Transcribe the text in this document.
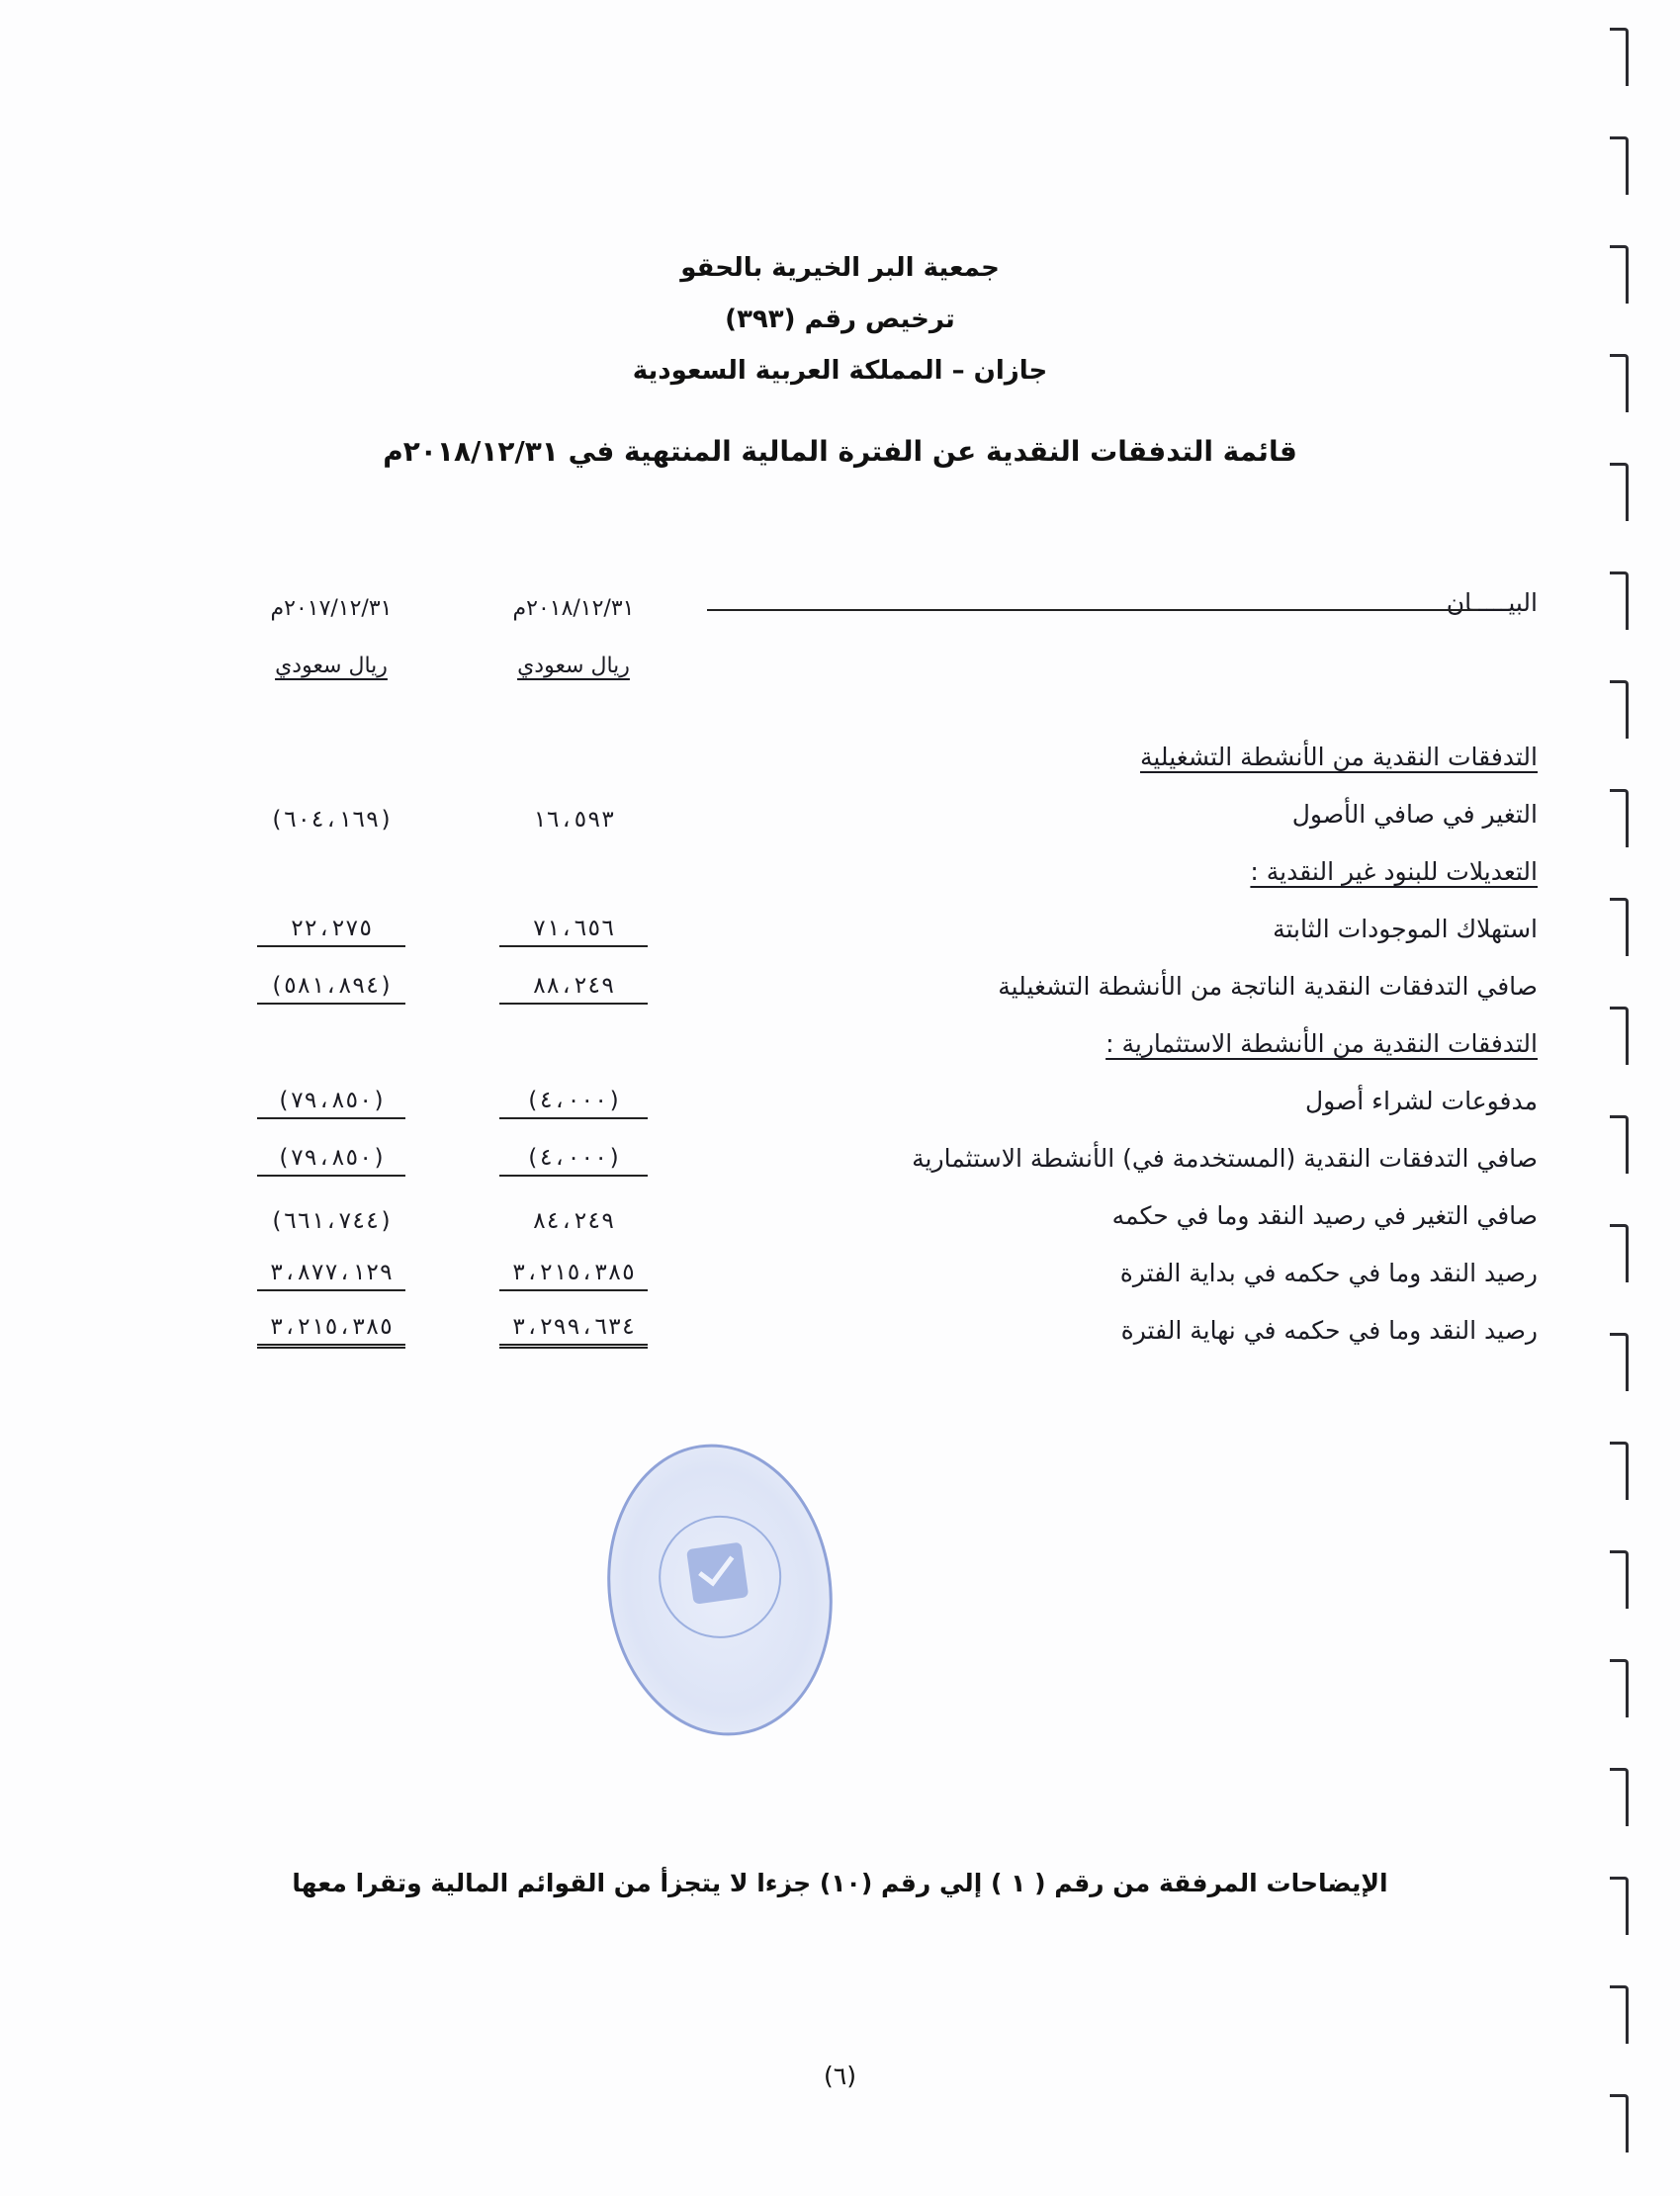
جمعية البر الخيرية بالحقو
ترخيص رقم (٣٩٣)
جازان – المملكة العربية السعودية
قائمة التدفقات النقدية عن الفترة المالية المنتهية في ٢٠١٨/١٢/٣١م
البيـــــان
٢٠١٨/١٢/٣١م
٢٠١٧/١٢/٣١م
ريال سعودي
ريال سعودي
التدفقات النقدية من الأنشطة التشغيلية
التغير في صافي الأصول
١٦،٥٩٣
(٦٠٤،١٦٩)
التعديلات للبنود غير النقدية :
استهلاك الموجودات الثابتة
٧١،٦٥٦
٢٢،٢٧٥
صافي التدفقات النقدية الناتجة من الأنشطة التشغيلية
٨٨،٢٤٩
(٥٨١،٨٩٤)
التدفقات النقدية من الأنشطة الاستثمارية :
مدفوعات لشراء أصول
(٤،٠٠٠)
(٧٩،٨٥٠)
صافي التدفقات النقدية (المستخدمة في) الأنشطة الاستثمارية
(٤،٠٠٠)
(٧٩،٨٥٠)
صافي التغير في رصيد النقد وما في حكمه
٨٤،٢٤٩
(٦٦١،٧٤٤)
رصيد النقد وما في حكمه في بداية الفترة
٣،٢١٥،٣٨٥
٣،٨٧٧،١٢٩
رصيد النقد وما في حكمه في نهاية الفترة
٣،٢٩٩،٦٣٤
٣،٢١٥،٣٨٥
الإيضاحات المرفقة من رقم ( ١ ) إلي رقم (١٠) جزءا لا يتجزأ من القوائم المالية وتقرا معها
(٦)
